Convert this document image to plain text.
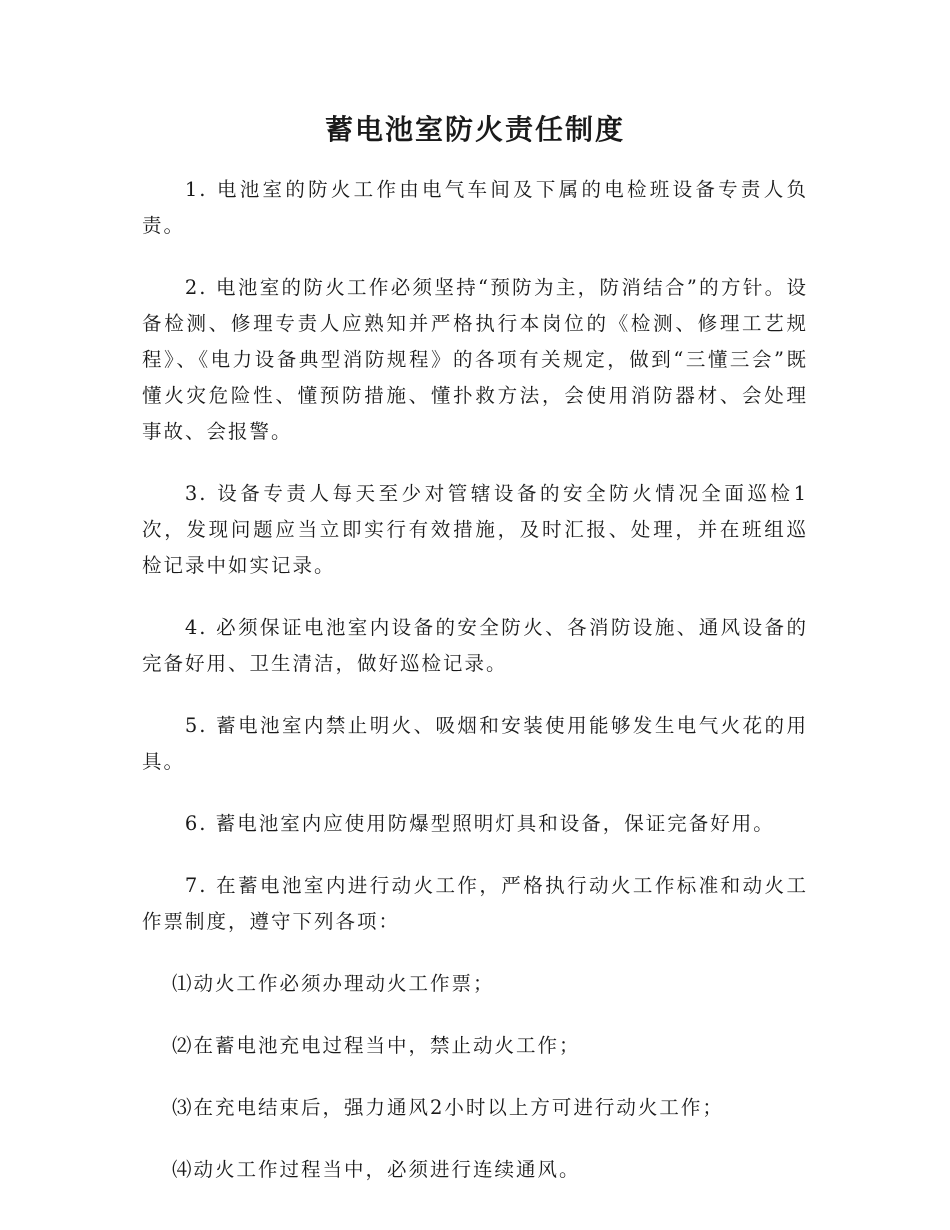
蓄电池室防火责任制度

1. 电池室的防火工作由电气车间及下属的电检班设备专责人负责。

2. 电池室的防火工作必须坚持“预防为主，防消结合”的方针。设备检测、修理专责人应熟知并严格执行本岗位的《检测、修理工艺规程》、《电力设备典型消防规程》的各项有关规定，做到“三懂三会”既懂火灾危险性、懂预防措施、懂扑救方法，会使用消防器材、会处理事故、会报警。

3. 设备专责人每天至少对管辖设备的安全防火情况全面巡检1次，发现问题应当立即实行有效措施，及时汇报、处理，并在班组巡检记录中如实记录。

4. 必须保证电池室内设备的安全防火、各消防设施、通风设备的完备好用、卫生清洁，做好巡检记录。

5. 蓄电池室内禁止明火、吸烟和安装使用能够发生电气火花的用具。

6. 蓄电池室内应使用防爆型照明灯具和设备，保证完备好用。

7. 在蓄电池室内进行动火工作，严格执行动火工作标准和动火工作票制度，遵守下列各项：

⑴动火工作必须办理动火工作票；

⑵在蓄电池充电过程当中，禁止动火工作；

⑶在充电结束后，强力通风2小时以上方可进行动火工作；

⑷动火工作过程当中，必须进行连续通风。
